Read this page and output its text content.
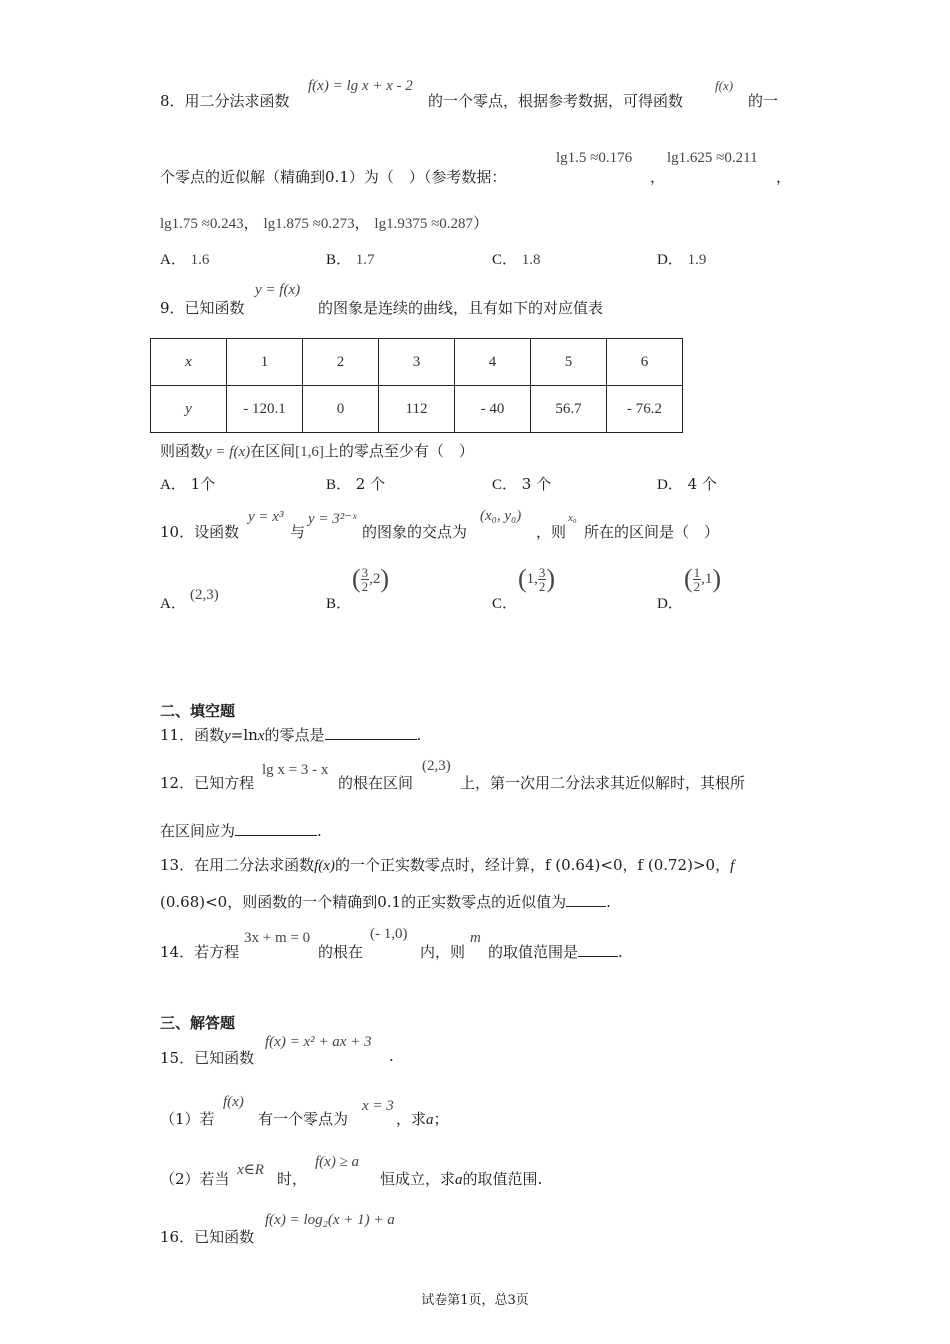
8．用二分法求函数
f(x) = lg x + x - 2
的一个零点，根据参考数据，可得函数
f(x)
的一
个零点的近似解（精确到0.1）为（　）（参考数据：
lg1.5 ≈0.176
，
lg1.625 ≈0.211
，
lg1.75 ≈0.243， lg1.875 ≈0.273， lg1.9375 ≈0.287）
A． 1.6	B． 1.7	C． 1.8	D． 1.9
9．已知函数
y = f(x)
的图象是连续的曲线，且有如下的对应值表
x	1	2	3	4	5	6
y	- 120.1	0	112	- 40	56.7	- 76.2
则函数y = f(x)在区间[1,6]上的零点至少有（　）
A． 1个	B． 2 个	C． 3 个	D． 4 个
10．设函数
y = x³
与
y = 3²⁻ˣ
的图象的交点为
(x₀, y₀)
，则
x₀
所在的区间是（　）
A．
(2,3)
B．
( $\frac{3}{2} ,2$)
C．
(1, $\frac{3}{2}$ )
D．
( $\frac{1}{2} ,1$)
二、填空题
11．函数y=lnx的零点是	.
12．已知方程
lg x = 3 - x
的根在区间
(2,3)
上，第一次用二分法求其近似解时，其根所
在区间应为	.
13．在用二分法求函数f(x)的一个正实数零点时，经计算，f (0.64)<0，f (0.72)>0，f
(0.68)<0，则函数的一个精确到0.1的正实数零点的近似值为	.
14．若方程
3x + m = 0
的根在
(- 1,0)
内，则
m
的取值范围是	.
三、解答题
15．已知函数
f(x) = x² + ax + 3
.
（1）若
f(x)
有一个零点为
x = 3
，求a；
（2）若当 x∈R 时，
f(x) ≥ a
恒成立，求a的取值范围.
16．已知函数
f(x) = log₂(x + 1) + a
试卷第1页，总3页
